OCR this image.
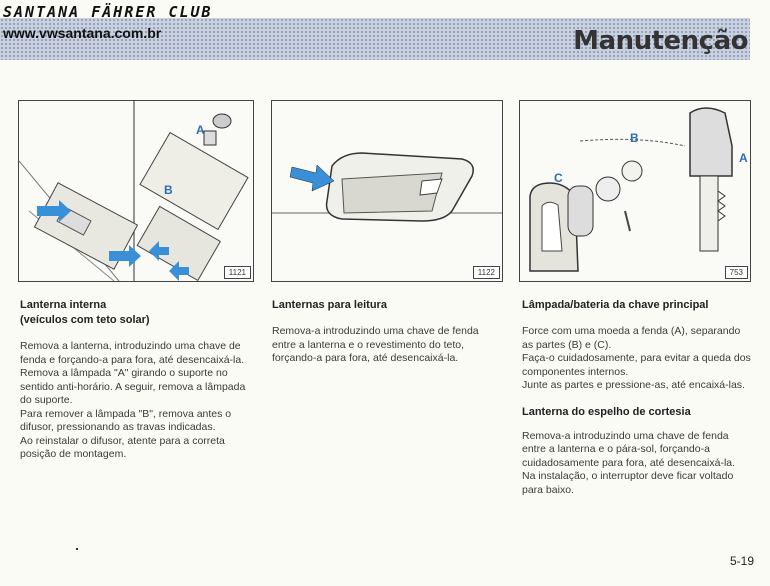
SANTANA FÄHRER CLUB
www.vwsantana.com.br	Manutenção
A
B
1121	1122
A
B
C
753
Lanterna interna
(veículos com teto solar)

Remova a lanterna, introduzindo uma chave de fenda e forçando-a para fora, até desencaixá-la.

Remova a lâmpada "A" girando o suporte no sentido anti-horário. A seguir, remova a lâmpada do suporte.

Para remover a lâmpada "B", remova antes o difusor, pressionando as travas indicadas.

Ao reinstalar o difusor, atente para a correta posição de montagem.

Lanternas para leitura

Remova-a introduzindo uma chave de fenda entre a lanterna e o revestimento do teto, forçando-a para fora, até desencaixá-la.

Lâmpada/bateria da chave principal

Force com uma moeda a fenda (A), separando as partes (B) e (C).

Faça-o cuidadosamente, para evitar a queda dos componentes internos.

Junte as partes e pressione-as, até encaixá-las.

Lanterna do espelho de cortesia

Remova-a introduzindo uma chave de fenda entre a lanterna e o pára-sol, forçando-a cuidadosamente para fora, até desencaixá-la.

Na instalação, o interruptor deve ficar voltado para baixo.

5-19
